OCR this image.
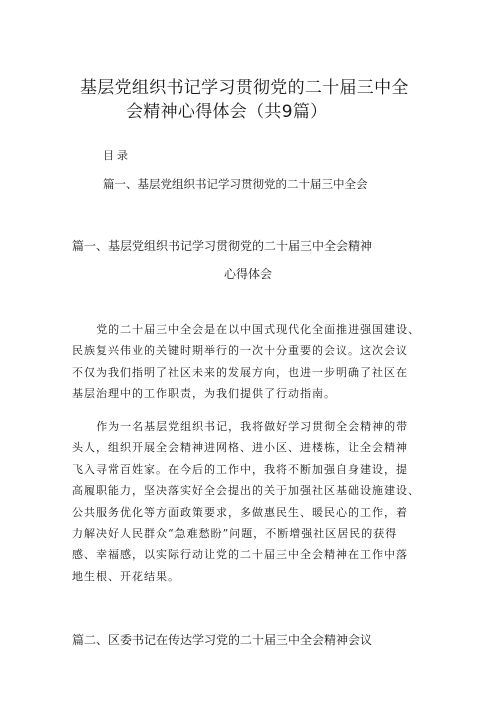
基层党组织书记学习贯彻党的二十届三中全
会精神心得体会（共9篇）
目录
篇一、基层党组织书记学习贯彻党的二十届三中全会
篇一、基层党组织书记学习贯彻党的二十届三中全会精神
心得体会

党的二十届三中全会是在以中国式现代化全面推进强国建设、
民族复兴伟业的关键时期举行的一次十分重要的会议。这次会议
不仅为我们指明了社区未来的发展方向，也进一步明确了社区在
基层治理中的工作职责，为我们提供了行动指南。

作为一名基层党组织书记，我将做好学习贯彻全会精神的带
头人，组织开展全会精神进网格、进小区、进楼栋，让全会精神
飞入寻常百姓家。在今后的工作中，我将不断加强自身建设，提
高履职能力，坚决落实好全会提出的关于加强社区基础设施建设、
公共服务优化等方面政策要求，多做惠民生、暖民心的工作，着
力解决好人民群众“急难愁盼”问题，不断增强社区居民的获得
感、幸福感，以实际行动让党的二十届三中全会精神在工作中落
地生根、开花结果。

篇二、区委书记在传达学习党的二十届三中全会精神会议
